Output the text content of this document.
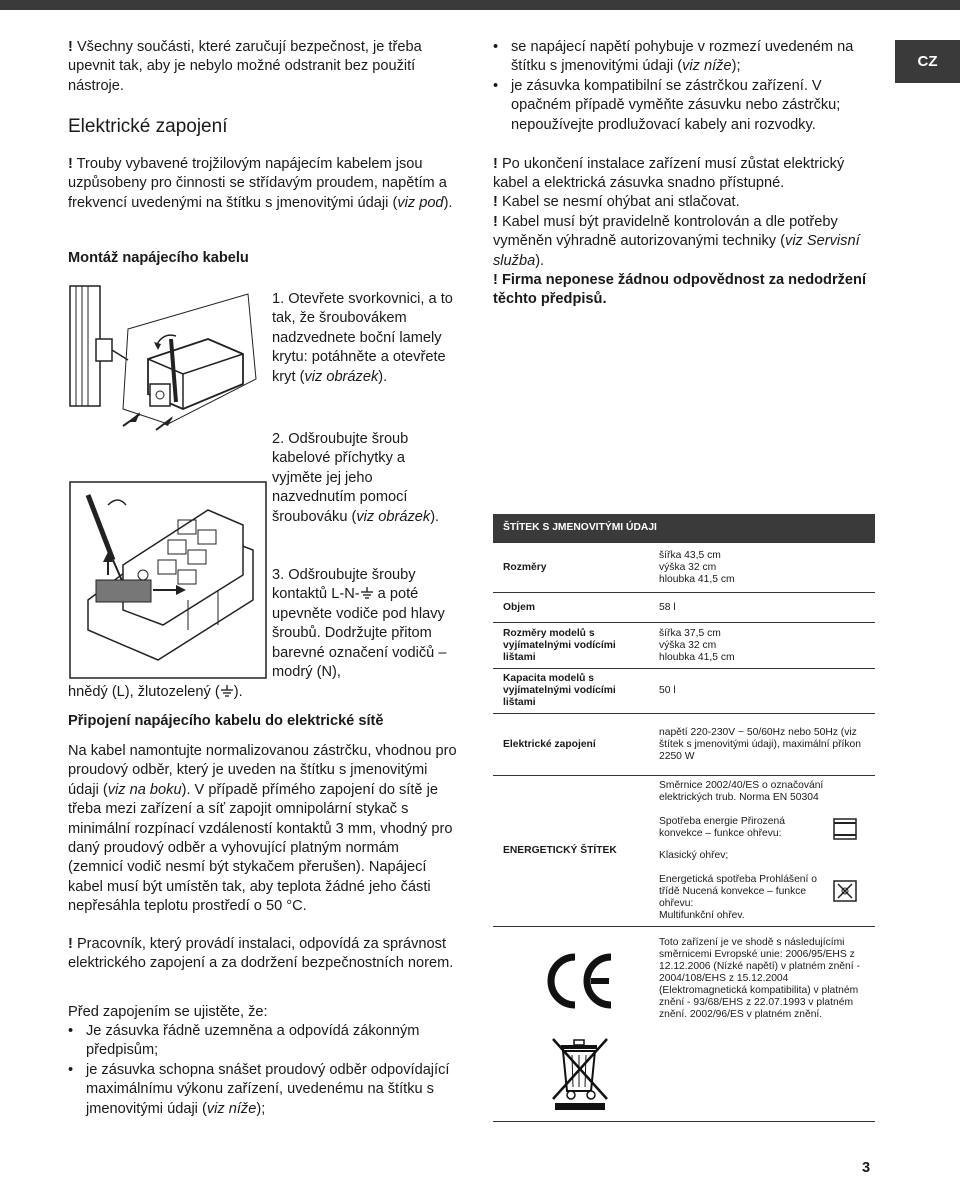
CZ

! Všechny součásti, které zaručují bezpečnost, je třeba upevnit tak, aby je nebylo možné odstranit bez použití nástroje.

Elektrické zapojení

! Trouby vybavené trojžilovým napájecím kabelem jsou uzpůsobeny pro činnosti se střídavým proudem, napětím a frekvencí uvedenými na štítku s jmenovitými údaji (viz pod).

Montáž napájecího kabelu

1. Otevřete svorkovnici, a to tak, že šroubovákem nadzvednete boční lamely krytu: potáhněte a otevřete kryt (viz obrázek).

2. Odšroubujte šroub kabelové příchytky a vyjměte jej jeho nazvednutím pomocí šroubováku (viz obrázek).

3. Odšroubujte šrouby kontaktů L-N- a poté upevněte vodiče pod hlavy šroubů. Dodržujte přitom barevné označení vodičů – modrý (N),

hnědý (L), žlutozelený ( ).

Připojení napájecího kabelu do elektrické sítě

Na kabel namontujte normalizovanou zástrčku, vhodnou pro proudový odběr, který je uveden na štítku s jmenovitými údaji (viz na boku). V případě přímého zapojení do sítě je třeba mezi zařízení a síť zapojit omnipolární stykač s minimální rozpínací vzdáleností kontaktů 3 mm, vhodný pro daný proudový odběr a vyhovující platným normám (zemnicí vodič nesmí být stykačem přerušen). Napájecí kabel musí být umístěn tak, aby teplota žádné jeho části nepřesáhla teplotu prostředí o 50 °C.

! Pracovník, který provádí instalaci, odpovídá za správnost elektrického zapojení a za dodržení bezpečnostních norem.

Před zapojením se ujistěte, že:

• Je zásuvka řádně uzemněna a odpovídá zákonným předpisům;
• je zásuvka schopna snášet proudový odběr odpovídající maximálnímu výkonu zařízení, uvedenému na štítku s jmenovitými údaji (viz níže);
• se napájecí napětí pohybuje v rozmezí uvedeném na štítku s jmenovitými údaji (viz níže);
• je zásuvka kompatibilní se zástrčkou zařízení. V opačném případě vyměňte zásuvku nebo zástrčku; nepoužívejte prodlužovací kabely ani rozvodky.

! Po ukončení instalace zařízení musí zůstat elektrický kabel a elektrická zásuvka snadno přístupné.

! Kabel se nesmí ohýbat ani stlačovat.

! Kabel musí být pravidelně kontrolován a dle potřeby vyměněn výhradně autorizovanými techniky (viz Servisní služba).

! Firma neponese žádnou odpovědnost za nedodržení těchto předpisů.

ŠTÍTEK S JMENOVITÝMI ÚDAJI	
Rozměry	šířka 43,5 cm
výška 32 cm
hloubka 41,5 cm

Objem	58 l
Rozměry modelů s vyjímatelnými vodícími lištami	šířka 37,5 cm
výška 32 cm
hloubka 41,5 cm

Kapacita modelů s vyjímatelnými vodícími lištami	50 l
Elektrické zapojení	napětí 220-230V ~ 50/60Hz nebo 50Hz (viz štítek s jmenovitými údaji), maximální příkon 2250 W
ENERGETICKÝ ŠTÍTEK	Směrnice 2002/40/ES o označování elektrických trub. Norma EN 50304
Spotřeba energie Přirozená konvekce – funkce ohřevu:
Klasický ohřev;
Energetická spotřeba Prohlášení o třídě Nucená konvekce – funkce ohřevu:
Multifunkční ohřev.

	Toto zařízení je ve shodě s následujícími směrnicemi Evropské unie: 2006/95/EHS z 12.12.2006 (Nízké napětí) v platném znění - 2004/108/EHS z 15.12.2004 (Elektromagnetická kompatibilita) v platném znění - 93/68/EHS z 22.07.1993 v platném znění. 2002/96/ES v platném znění.
3
